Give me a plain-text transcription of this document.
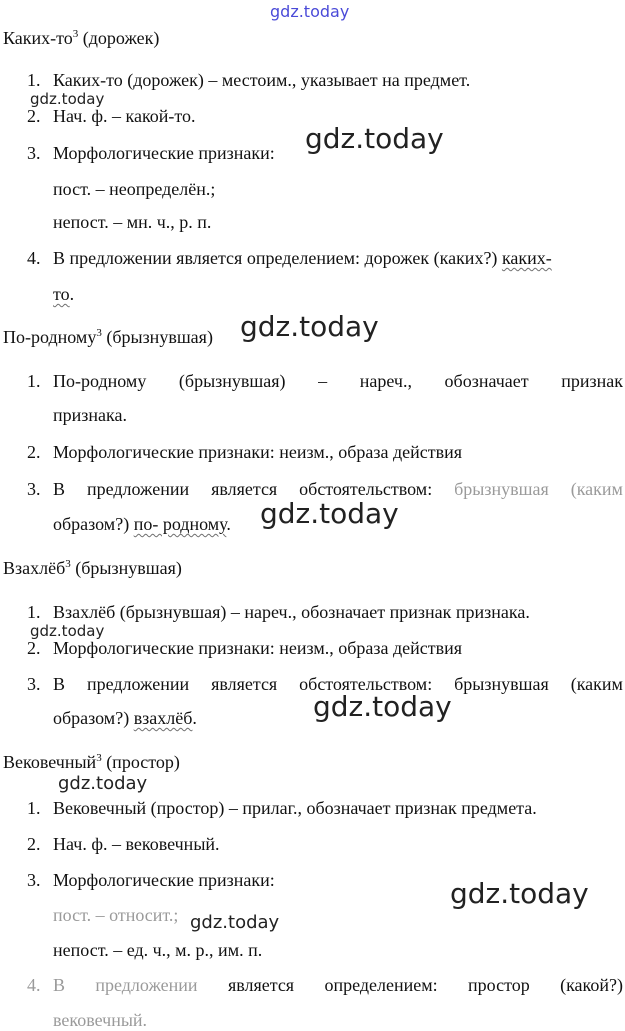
gdz.today
gdz.today
gdz.today
gdz.today
gdz.today
gdz.today
gdz.today
gdz.today
gdz.today
gdz.today
Каких-$то^3$ (дорожек)
1. Каких-то (дорожек) – местоим., указывает на предмет.
2. Нач. ф. – какой-то.
3. Морфологические признаки:
пост. – неопределён.;
непост. – мн. ч., р. п.
4. В предложении является определением: дорожек (каких?) каких-
то.
По-родному$^3$ (брызнувшая)
1. По-родному (брызнувшая) – нареч., обозначает признак
признака.
2. Морфологические признаки: неизм., образа действия
3. В предложении является обстоятельством: брызнувшая (каким
образом?) по- родному.
Взахлёб$^3$ (брызнувшая)
1. Взахлёб (брызнувшая) – нареч., обозначает признак признака.
2. Морфологические признаки: неизм., образа действия
3. В предложении является обстоятельством: брызнувшая (каким
образом?) взахлёб.
Вековечный$^3$ (простор)
1. Вековечный (простор) – прилаг., обозначает признак предмета.
2. Нач. ф. – вековечный.
3. Морфологические признаки:
пост. – относит.;
непост. – ед. ч., м. р., им. п.
4. В предложении является определением: простор (какой?)
вековечный.
